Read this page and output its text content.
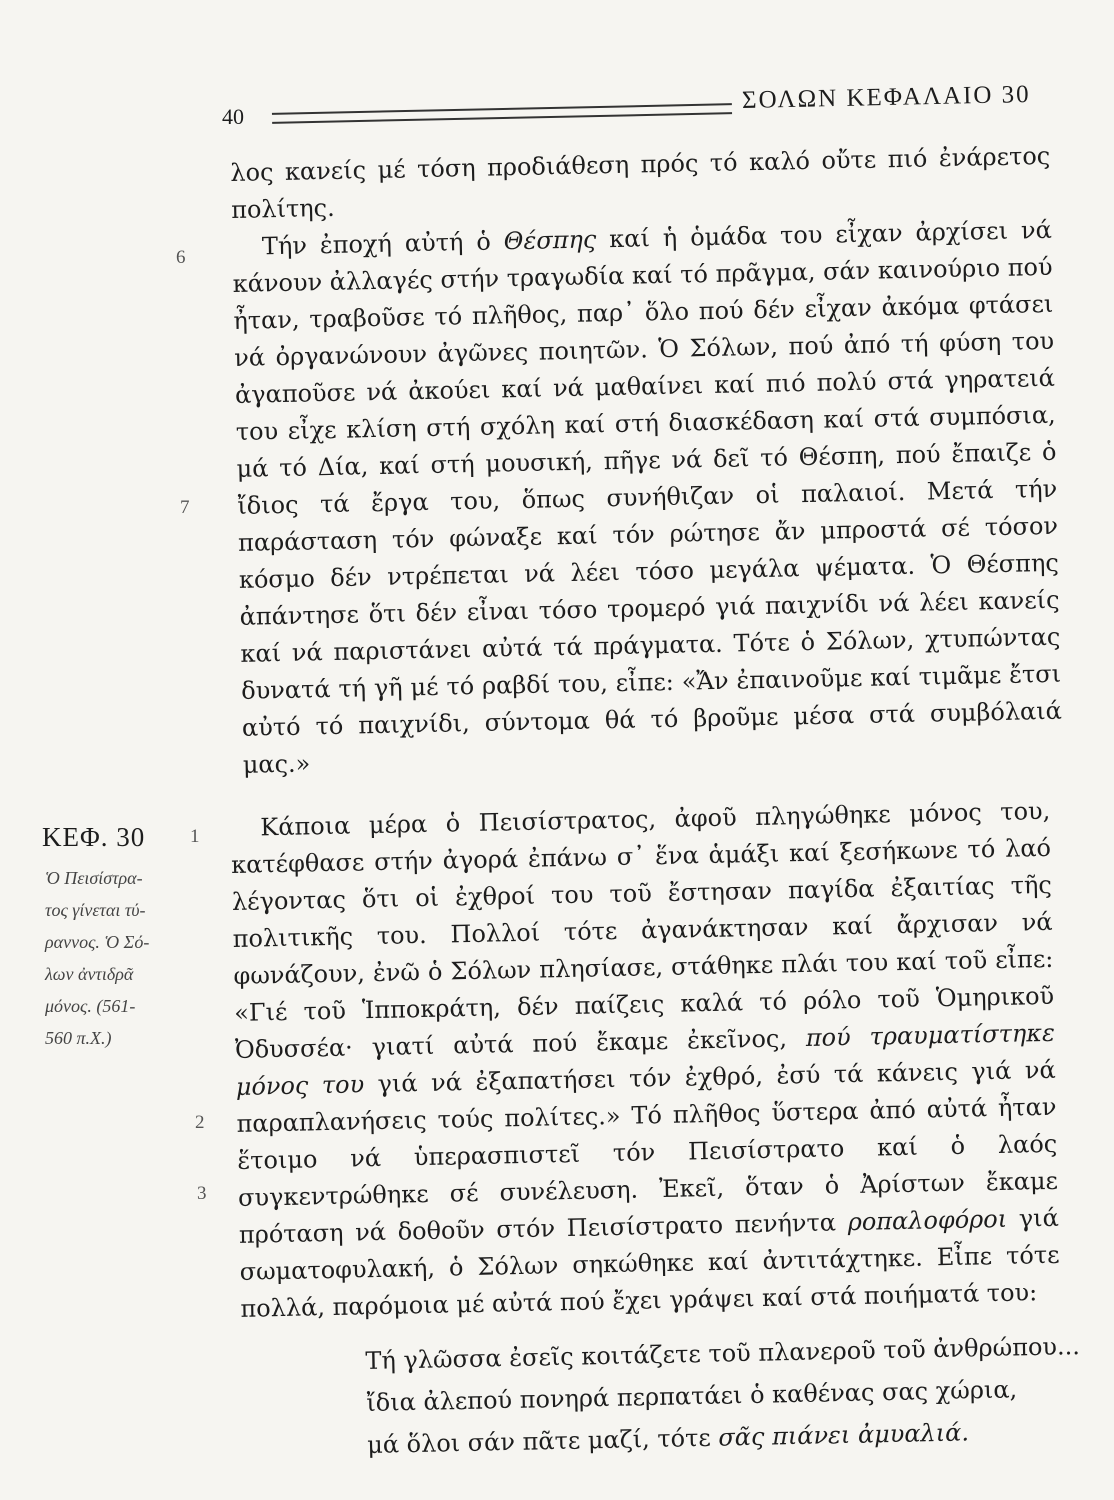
40
ΣΟΛΩΝ ΚΕΦΑΛΑΙΟ 30
6
7
1
2
3
ΚΕΦ. 30
Ὁ Πεισίστρα-
τος γίνεται τύ-
ραννος. Ὁ Σό-
λων ἀντιδρᾶ
μόνος. (561-
560 π.Χ.)

λος κανείς μέ τόση προδιάθεση πρός τό καλό οὔτε πιό ἐνάρετος πολίτης.

Τήν ἐποχή αὐτή ὁ Θέσπης καί ἡ ὁμάδα του εἶχαν ἀρχίσει νά κάνουν ἀλλαγές στήν τραγωδία καί τό πρᾶγμα, σάν καινούριο πού ἦταν, τραβοῦσε τό πλῆθος, παρ᾽ ὅλο πού δέν εἶχαν ἀκόμα φτάσει νά ὀργανώνουν ἀγῶνες ποιητῶν. Ὁ Σόλων, πού ἀπό τή φύση του ἀγαποῦσε νά ἀκούει καί νά μαθαίνει καί πιό πολύ στά γηρατειά του εἶχε κλίση στή σχόλη καί στή διασκέδαση καί στά συμπόσια, μά τό Δία, καί στή μουσική, πῆγε νά δεῖ τό Θέσπη, πού ἔπαιζε ὁ ἴδιος τά ἔργα του, ὅπως συνήθιζαν οἱ παλαιοί. Μετά τήν παράσταση τόν φώναξε καί τόν ρώτησε ἄν μπροστά σέ τόσον κόσμο δέν ντρέπεται νά λέει τόσο μεγάλα ψέματα. Ὁ Θέσπης ἀπάντησε ὅτι δέν εἶναι τόσο τρομερό γιά παιχνίδι νά λέει κανείς καί νά παριστάνει αὐτά τά πράγματα. Τότε ὁ Σόλων, χτυπώντας δυνατά τή γῆ μέ τό ραβδί του, εἶπε: «Ἄν ἐπαινοῦμε καί τιμᾶμε ἔτσι αὐτό τό παιχνίδι, σύντομα θά τό βροῦμε μέσα στά συμβόλαιά μας.»

Κάποια μέρα ὁ Πεισίστρατος, ἀφοῦ πληγώθηκε μόνος του, κατέφθασε στήν ἀγορά ἐπάνω σ᾽ ἕνα ἁμάξι καί ξεσήκωνε τό λαό λέγοντας ὅτι οἱ ἐχθροί του τοῦ ἔστησαν παγίδα ἐξαιτίας τῆς πολιτικῆς του. Πολλοί τότε ἀγανάκτησαν καί ἄρχισαν νά φωνάζουν, ἐνῶ ὁ Σόλων πλησίασε, στάθηκε πλάι του καί τοῦ εἶπε: «Γιέ τοῦ Ἱπποκράτη, δέν παίζεις καλά τό ρόλο τοῦ Ὁμηρικοῦ Ὀδυσσέα· γιατί αὐτά πού ἔκαμε ἐκεῖνος, πού τραυματίστηκε μόνος του γιά νά ἐξαπατήσει τόν ἐχθρό, ἐσύ τά κάνεις γιά νά παραπλανήσεις τούς πολίτες.» Τό πλῆθος ὕστερα ἀπό αὐτά ἦταν ἕτοιμο νά ὑπερασπιστεῖ τόν Πεισίστρατο καί ὁ λαός συγκεντρώθηκε σέ συνέλευση. Ἐκεῖ, ὅταν ὁ Ἀρίστων ἔκαμε πρόταση νά δοθοῦν στόν Πεισίστρατο πενήντα ροπαλοφόροι γιά σωματοφυλακή, ὁ Σόλων σηκώθηκε καί ἀντιτάχτηκε. Εἶπε τότε πολλά, παρόμοια μέ αὐτά πού ἔχει γράψει καί στά ποιήματά του:

Τή γλῶσσα ἐσεῖς κοιτάζετε τοῦ πλανεροῦ τοῦ ἀνθρώπου...
ἴδια ἀλεπού πονηρά περπατάει ὁ καθένας σας χώρια,
μά ὅλοι σάν πᾶτε μαζί, τότε σᾶς πιάνει ἀμυαλιά.
